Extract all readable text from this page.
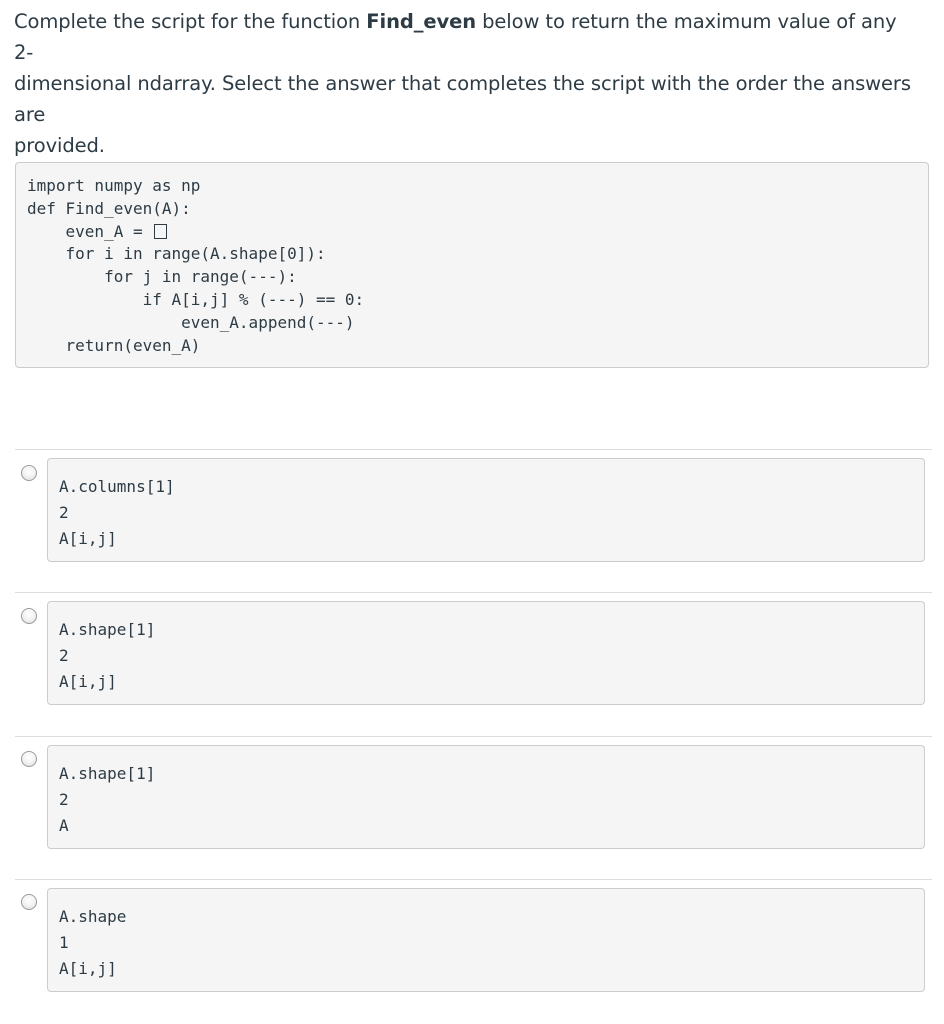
Complete the script for the function Find_even below to return the maximum value of any 2-
dimensional ndarray. Select the answer that completes the script with the order the answers are
provided.
import numpy as np
def Find_even(A):
even_A =
for i in range(A.shape[0]):
for j in range(---):
if A[i,j] % (---) == 0:
even_A.append(---)
return(even_A)
A.columns[1]
2
A[i,j]
A.shape[1]
2
A[i,j]
A.shape[1]
2
A
A.shape
1
A[i,j]
